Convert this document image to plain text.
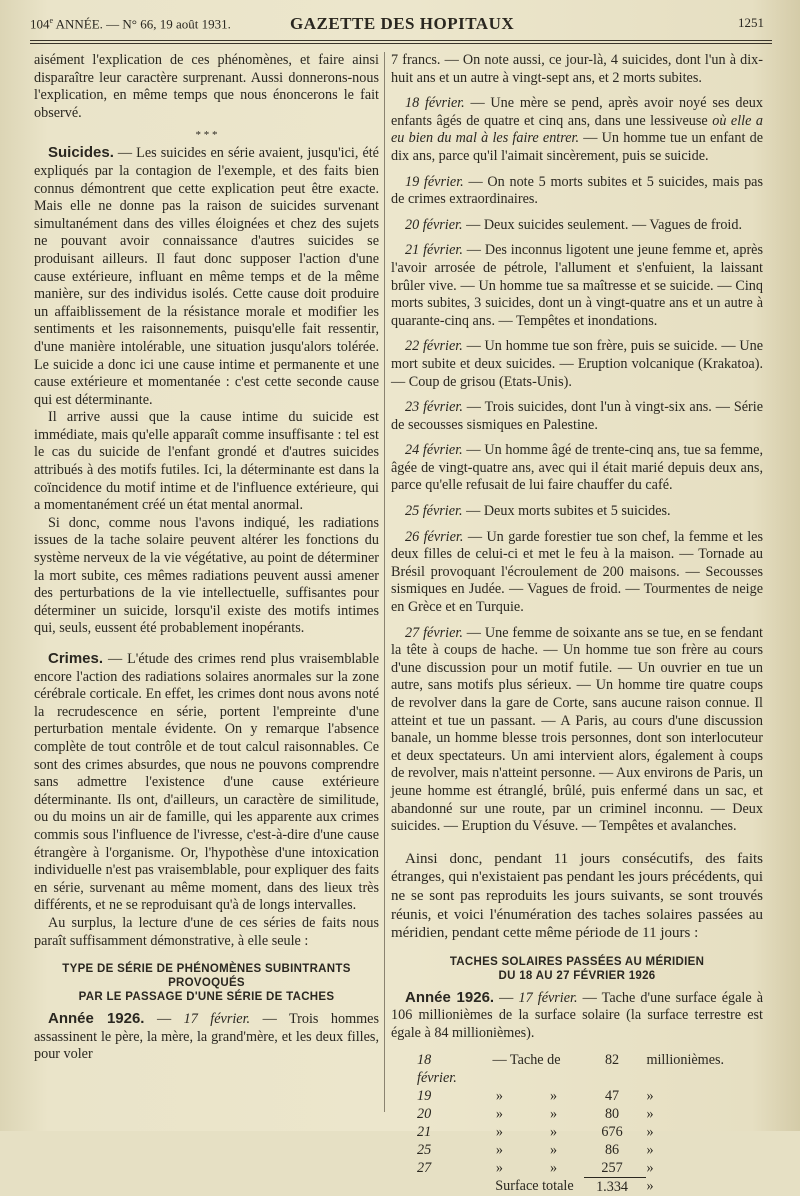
104e ANNÉE. — N° 66, 19 août 1931.	GAZETTE DES HOPITAUX	1251

aisément l'explication de ces phénomènes, et faire ainsi disparaître leur caractère surprenant. Aussi donnerons-nous l'explication, en même temps que nous énoncerons le fait observé.

* * *

Suicides. — Les suicides en série avaient, jusqu'ici, été expliqués par la contagion de l'exemple, et des faits bien connus démontrent que cette explication peut être exacte. Mais elle ne donne pas la raison de suicides survenant simultanément dans des villes éloignées et chez des sujets ne pouvant avoir connaissance d'autres suicides se produisant ailleurs. Il faut donc supposer l'action d'une cause extérieure, influant en même temps et de la même manière, sur des individus isolés. Cette cause doit produire un affaiblissement de la résistance morale et modifier les sentiments et les raisonnements, puisqu'elle fait ressentir, d'une manière intolérable, une situation jusqu'alors tolérée. Le suicide a donc ici une cause intime et permanente et une cause extérieure et momentanée : c'est cette seconde cause qui est déterminante.

Il arrive aussi que la cause intime du suicide est immédiate, mais qu'elle apparaît comme insuffisante : tel est le cas du suicide de l'enfant grondé et d'autres suicides attribués à des motifs futiles. Ici, la déterminante est dans la coïncidence du motif intime et de l'influence extérieure, qui a momentanément créé un état mental anormal.

Si donc, comme nous l'avons indiqué, les radiations issues de la tache solaire peuvent altérer les fonctions du système nerveux de la vie végétative, au point de déterminer la mort subite, ces mêmes radiations peuvent aussi amener des perturbations de la vie intellectuelle, suffisantes pour déterminer un suicide, lorsqu'il existe des motifs intimes qui, seuls, eussent été probablement inopérants.

Crimes. — L'étude des crimes rend plus vraisemblable encore l'action des radiations solaires anormales sur la zone cérébrale corticale. En effet, les crimes dont nous avons noté la recrudescence en série, portent l'empreinte d'une perturbation mentale évidente. On y remarque l'absence complète de tout contrôle et de tout calcul raisonnables. Ce sont des crimes absurdes, que nous ne pouvons comprendre sans admettre l'existence d'une cause extérieure déterminante. Ils ont, d'ailleurs, un caractère de similitude, ou du moins un air de famille, qui les apparente aux crimes commis sous l'influence de l'ivresse, c'est-à-dire d'une cause étrangère à l'organisme. Or, l'hypothèse d'une intoxication individuelle n'est pas vraisemblable, pour expliquer des faits en série, survenant au même moment, dans des lieux très différents, et ne se reproduisant qu'à de longs intervalles.

Au surplus, la lecture d'une de ces séries de faits nous paraît suffisamment démonstrative, à elle seule :

TYPE DE SÉRIE DE PHÉNOMÈNES SUBINTRANTS PROVOQUÉS
PAR LE PASSAGE D'UNE SÉRIE DE TACHES

Année 1926. — 17 février. — Trois hommes assassinent le père, la mère, la grand'mère, et les deux filles, pour voler

7 francs. — On note aussi, ce jour-là, 4 suicides, dont l'un à dix-huit ans et un autre à vingt-sept ans, et 2 morts subites.

18 février. — Une mère se pend, après avoir noyé ses deux enfants âgés de quatre et cinq ans, dans une lessiveuse où elle a eu bien du mal à les faire entrer. — Un homme tue un enfant de dix ans, parce qu'il l'aimait sincèrement, puis se suicide.

19 février. — On note 5 morts subites et 5 suicides, mais pas de crimes extraordinaires.

20 février. — Deux suicides seulement. — Vagues de froid.

21 février. — Des inconnus ligotent une jeune femme et, après l'avoir arrosée de pétrole, l'allument et s'enfuient, la laissant brûler vive. — Un homme tue sa maîtresse et se suicide. — Cinq morts subites, 3 suicides, dont un à vingt-quatre ans et un autre à quarante-cinq ans. — Tempêtes et inondations.

22 février. — Un homme tue son frère, puis se suicide. — Une mort subite et deux suicides. — Eruption volcanique (Krakatoa). — Coup de grisou (Etats-Unis).

23 février. — Trois suicides, dont l'un à vingt-six ans. — Série de secousses sismiques en Palestine.

24 février. — Un homme âgé de trente-cinq ans, tue sa femme, âgée de vingt-quatre ans, avec qui il était marié depuis deux ans, parce qu'elle refusait de lui faire chauffer du café.

25 février. — Deux morts subites et 5 suicides.

26 février. — Un garde forestier tue son chef, la femme et les deux filles de celui-ci et met le feu à la maison. — Tornade au Brésil provoquant l'écroulement de 200 maisons. — Secousses sismiques en Judée. — Vagues de froid. — Tourmentes de neige en Grèce et en Turquie.

27 février. — Une femme de soixante ans se tue, en se fendant la tête à coups de hache. — Un homme tue son frère au cours d'une discussion pour un motif futile. — Un ouvrier en tue un autre, sans motifs plus sérieux. — Un homme tire quatre coups de revolver dans la gare de Corte, sans aucune raison connue. Il atteint et tue un passant. — A Paris, au cours d'une discussion banale, un homme blesse trois personnes, dont son interlocuteur et deux spectateurs. Un ami intervient alors, également à coups de revolver, mais n'atteint personne. — Aux environs de Paris, un jeune homme est étranglé, brûlé, puis enfermé dans un sac, et abandonné sur une route, par un criminel inconnu. — Deux suicides. — Eruption du Vésuve. — Tempêtes et avalanches.

Ainsi donc, pendant 11 jours consécutifs, des faits étranges, qui n'existaient pas pendant les jours précédents, qui ne se sont pas reproduits les jours suivants, se sont trouvés réunis, et voici l'énumération des taches solaires passées au méridien, pendant cette même période de 11 jours :

TACHES SOLAIRES PASSÉES AU MÉRIDIEN
DU 18 AU 27 FÉVRIER 1926

Année 1926. — 17 février. — Tache d'une surface égale à 106 millionièmes de la surface solaire (la surface terrestre est égale à 84 millionièmes).

18 février.	— Tache de		82	millionièmes.
19	»	»	47	»
20	»	»	80	»
21	»	»	676	»
25	»	»	86	»
27	»	»	257	»
Surface totale			1.334	»
